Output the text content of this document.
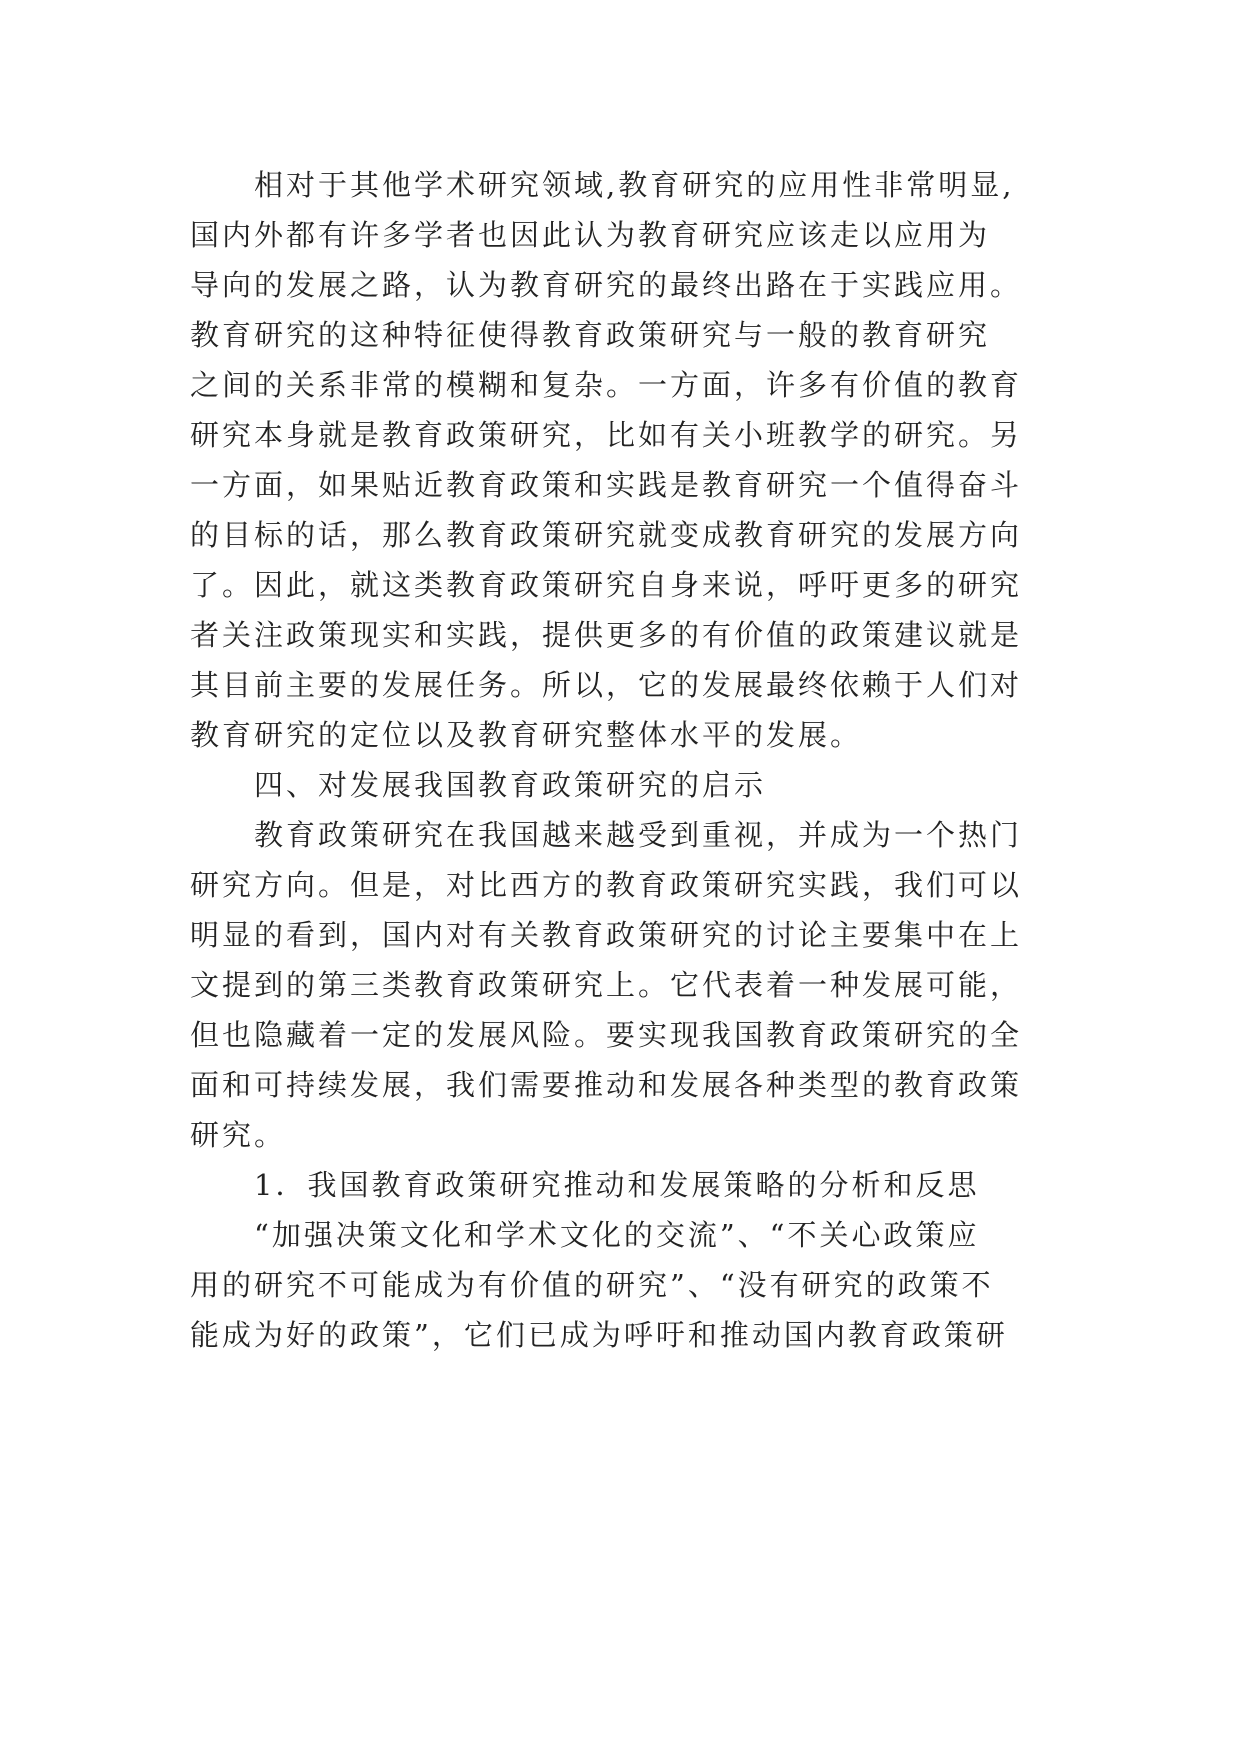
相对于其他学术研究领域,教育研究的应用性非常明显,
国内外都有许多学者也因此认为教育研究应该走以应用为
导向的发展之路，认为教育研究的最终出路在于实践应用。
教育研究的这种特征使得教育政策研究与一般的教育研究
之间的关系非常的模糊和复杂。一方面，许多有价值的教育
研究本身就是教育政策研究，比如有关小班教学的研究。另
一方面，如果贴近教育政策和实践是教育研究一个值得奋斗
的目标的话，那么教育政策研究就变成教育研究的发展方向
了。因此，就这类教育政策研究自身来说，呼吁更多的研究
者关注政策现实和实践，提供更多的有价值的政策建议就是
其目前主要的发展任务。所以，它的发展最终依赖于人们对
教育研究的定位以及教育研究整体水平的发展。
四、对发展我国教育政策研究的启示
教育政策研究在我国越来越受到重视，并成为一个热门
研究方向。但是，对比西方的教育政策研究实践，我们可以
明显的看到，国内对有关教育政策研究的讨论主要集中在上
文提到的第三类教育政策研究上。它代表着一种发展可能，
但也隐藏着一定的发展风险。要实现我国教育政策研究的全
面和可持续发展，我们需要推动和发展各种类型的教育政策
研究。
1．我国教育政策研究推动和发展策略的分析和反思
“加强决策文化和学术文化的交流”、“不关心政策应
用的研究不可能成为有价值的研究”、“没有研究的政策不
能成为好的政策”，它们已成为呼吁和推动国内教育政策研
